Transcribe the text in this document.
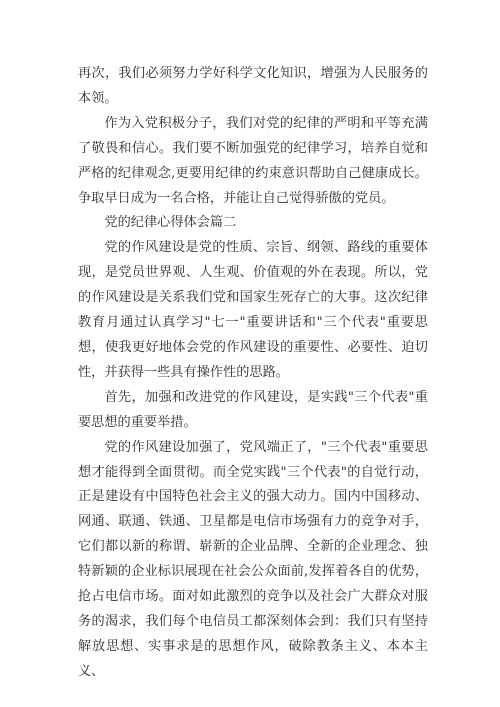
再次，我们必须努力学好科学文化知识，增强为人民服务的本领。

作为入党积极分子，我们对党的纪律的严明和平等充满了敬畏和信心。我们要不断加强党的纪律学习，培养自觉和严格的纪律观念,更要用纪律的约束意识帮助自己健康成长。争取早日成为一名合格，并能让自己觉得骄傲的党员。

党的纪律心得体会篇二

党的作风建设是党的性质、宗旨、纲领、路线的重要体现，是党员世界观、人生观、价值观的外在表现。所以，党的作风建设是关系我们党和国家生死存亡的大事。这次纪律教育月通过认真学习"七一"重要讲话和"三个代表"重要思想，使我更好地体会党的作风建设的重要性、必要性、迫切性，并获得一些具有操作性的思路。

首先，加强和改进党的作风建设，是实践"三个代表"重要思想的重要举措。

党的作风建设加强了，党风端正了，"三个代表"重要思想才能得到全面贯彻。而全党实践"三个代表"的自觉行动，正是建设有中国特色社会主义的强大动力。国内中国移动、网通、联通、铁通、卫星都是电信市场强有力的竞争对手，它们都以新的称谓、崭新的企业品牌、全新的企业理念、独特新颖的企业标识展现在社会公众面前,发挥着各自的优势，抢占电信市场。面对如此激烈的竞争以及社会广大群众对服务的渴求，我们每个电信员工都深刻体会到：我们只有坚持解放思想、实事求是的思想作风，破除教条主义、本本主义、
